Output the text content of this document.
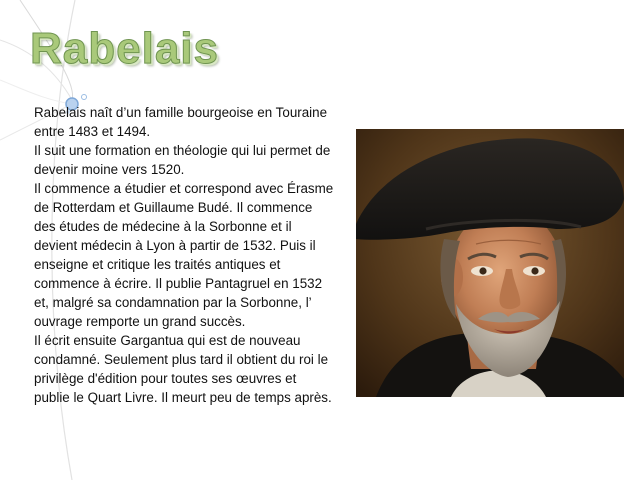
Rabelais

Rabelais naît d’un famille bourgeoise en Touraine entre 1483 et 1494.

Il suit une formation en théologie qui lui permet de devenir moine vers 1520.

Il commence a étudier et correspond avec Érasme de Rotterdam et Guillaume Budé. Il commence des études de médecine à la Sorbonne et il devient médecin à Lyon à partir de 1532. Puis il enseigne et critique les traités antiques et commence à écrire. Il publie Pantagruel en 1532 et, malgré sa condamnation par la Sorbonne, l’ ouvrage remporte un grand succès.

Il écrit ensuite Gargantua qui est de nouveau condamné. Seulement plus tard il obtient du roi le privilège d'édition pour toutes ses œuvres et publie le Quart Livre. Il meurt peu de temps après.
